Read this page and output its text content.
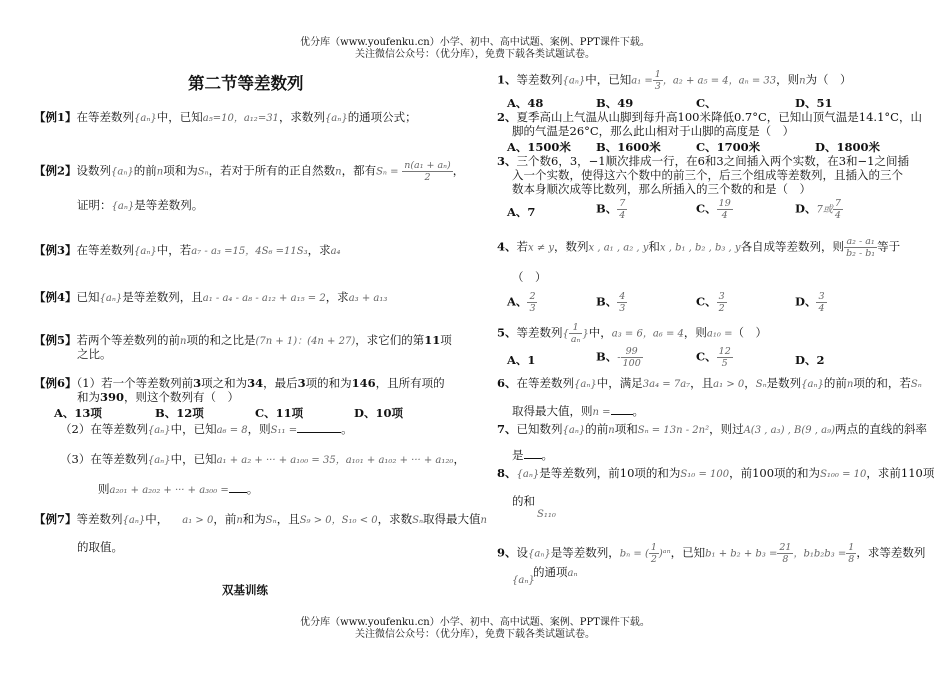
优分库（www.youfenku.cn）小学、初中、高中试题、案例、PPT课件下载。
关注微信公众号：（优分库），免费下载各类试题试卷。
第二节等差数列
【例1】在等差数列{aₙ}中，已知a₅=10，a₁₂=31，求数列{aₙ}的通项公式；
【例2】设数列{aₙ}的前n项和为Sₙ，若对于所有的正自然数n，都有$S_n = \frac{\text{n(a₁ + aₙ)}}{2}$ ，
证明：{aₙ}是等差数列。
【例3】在等差数列{aₙ}中，若a₇ - a₃ =15，4S₆ =11S₃，求a₄
【例4】已知{aₙ}是等差数列，且a₁ - a₄ - a₈ - a₁₂ + a₁₅ = 2，求a₃ + a₁₃
【例5】若两个等差数列的前n项的和之比是(7n + 1)：(4n + 27)，求它们的第11项
之比。
【例6】（1）若一个等差数列前3项之和为34，最后3项的和为146，且所有项的
和为390，则这个数列有（　）
A、13项	B、12项	C、11项	D、10项
（2）在等差数列{aₙ}中，已知a₆ = 8，则S₁₁ =	。
（3）在等差数列{aₙ}中，已知a₁ + a₂ + ··· + a₁₀₀ = 35，a₁₀₁ + a₁₀₂ + ··· + a₁₂₀，
则a₂₀₁ + a₂₀₂ + ··· + a₃₀₀ = 。
【例7】等差数列{aₙ}中， a₁ > 0，前n和为Sₙ，且S₉ > 0，S₁₀ < 0，求数Sₙ取得最大值n
的取值。
双基训练
1、等差数列{aₙ}中，已知$a_1 = \frac{1}{3}$ ，a₂ + a₅ = 4，aₙ = 33，则n为（　）
A、48	B、49	C、	D、51
2、夏季高山上气温从山脚到每升高100米降低0.7°C，已知山顶气温是14.1°C，山
脚的气温是26°C，那么此山相对于山脚的高度是（　）
A、1500米 B、1600米	C、1700米	D、1800米
3、三个数6，3，−1顺次排成一行，在6和3之间插入两个实数，在3和−1之间插
入一个实数，使得这六个数中的前三个，后三个组成等差数列，且插入的三个
数本身顺次成等比数列，那么所插入的三个数的和是（　）
A、7	B、 $\frac{7}{4}$	C、 $\frac{19}{4}$	D、7或 $\frac{7}{4}$
4、若x ≠ y，数列x , a₁ , a₂ , y和x , b₁ , b₂ , b₃ , y各自成等差数列，则 $\frac{\text{a₂ - a₁}}{\text{b₂ - b₁}}$ 等于
（　）
A、 $\frac{2}{3}$	B、 $\frac{4}{3}$	C、 $\frac{3}{2}$	D、 $\frac{3}{4}$
5、等差数列{ $\frac{1}{\text{aₙ}}$ }中，a₃ = 6，a₆ = 4，则a₁₀ =（　）
A、1	B、- $\frac{99}{100}$	C、 $\frac{12}{5}$	D、2
6、在等差数列{aₙ}中，满足3a₄ = 7a₇，且a₁ > 0，Sₙ是数列{aₙ}的前n项的和，若Sₙ
取得最大值，则n = 。
7、已知数列{aₙ}的前n项和Sₙ = 13n - 2n²，则过A(3 , a₃) , B(9 , a₉)两点的直线的斜率
是 。
8、{aₙ}是等差数列，前10项的和为S₁₀ = 100，前100项的和为S₁₀₀ = 10，求前110项
的和
S₁₁₀
9、设{aₙ}是等差数列，bₙ = ( $\frac{1}{2}$ )ᵃⁿ，已知$b_1 + b_2 + b_3 = \frac{21}{8}$ ，$b_1b_2b_3 = \frac{1}{8}$ ，求等差数列
{aₙ}
的通项aₙ
优分库（www.youfenku.cn）小学、初中、高中试题、案例、PPT课件下载。
关注微信公众号：（优分库），免费下载各类试题试卷。
